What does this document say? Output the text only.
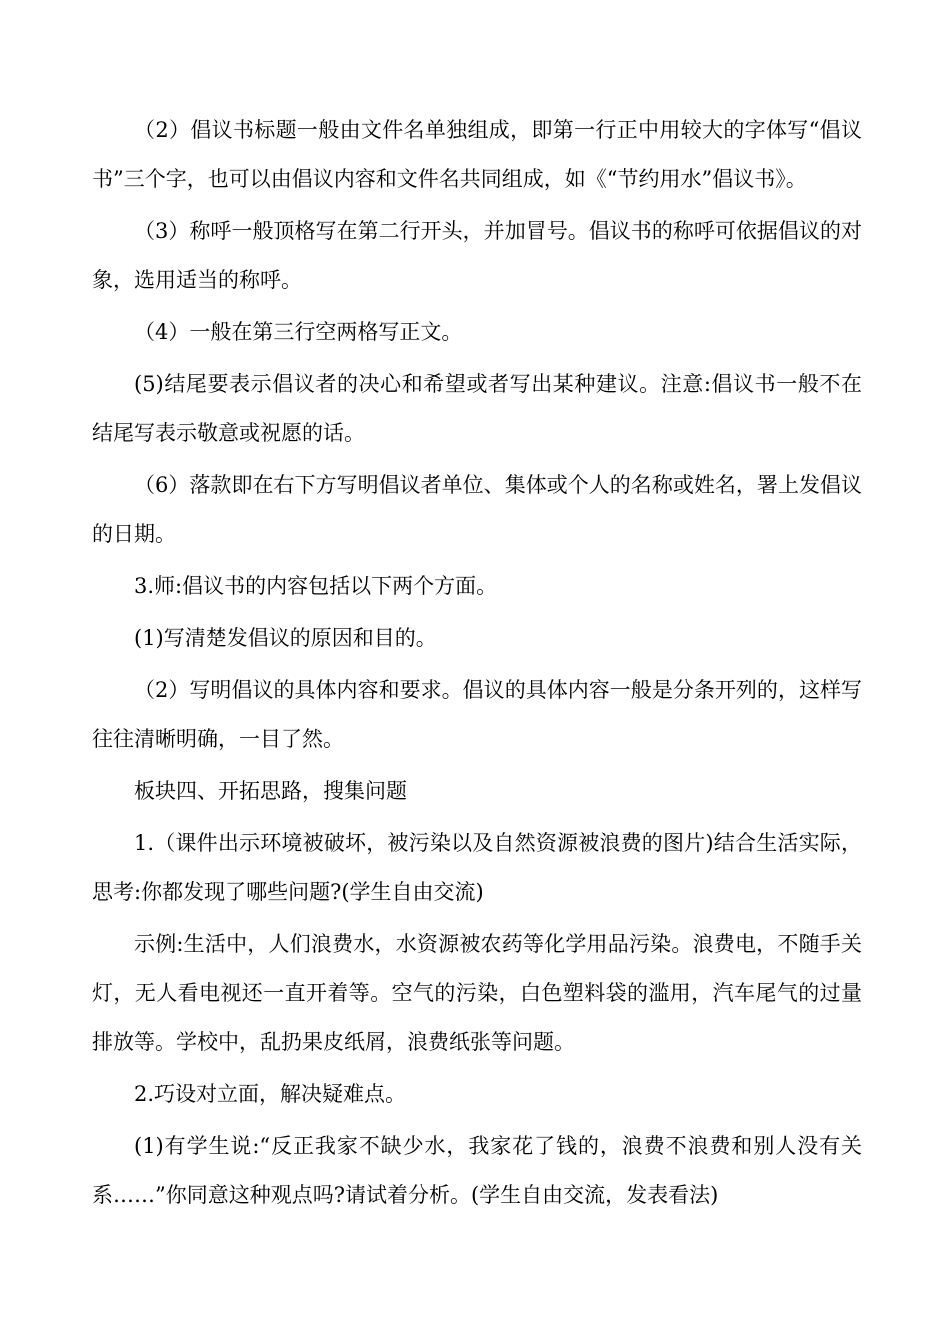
（2）倡议书标题一般由文件名单独组成，即第一行正中用较大的字体写“倡议书”三个字，也可以由倡议内容和文件名共同组成，如《“节约用水”倡议书》。

（3）称呼一般顶格写在第二行开头，并加冒号。倡议书的称呼可依据倡议的对象，选用适当的称呼。

（4）一般在第三行空两格写正文。

(5)结尾要表示倡议者的决心和希望或者写出某种建议。注意:倡议书一般不在结尾写表示敬意或祝愿的话。

（6）落款即在右下方写明倡议者单位、集体或个人的名称或姓名，署上发倡议的日期。

3.师:倡议书的内容包括以下两个方面。

(1)写清楚发倡议的原因和目的。

（2）写明倡议的具体内容和要求。倡议的具体内容一般是分条开列的，这样写往往清晰明确，一目了然。

板块四、开拓思路，搜集问题

1.（课件出示环境被破坏，被污染以及自然资源被浪费的图片)结合生活实际，思考:你都发现了哪些问题?(学生自由交流)

示例:生活中，人们浪费水，水资源被农药等化学用品污染。浪费电，不随手关灯，无人看电视还一直开着等。空气的污染，白色塑料袋的滥用，汽车尾气的过量排放等。学校中，乱扔果皮纸屑，浪费纸张等问题。

2.巧设对立面，解决疑难点。

(1)有学生说:“反正我家不缺少水，我家花了钱的，浪费不浪费和别人没有关系……”你同意这种观点吗?请试着分析。(学生自由交流，发表看法)
